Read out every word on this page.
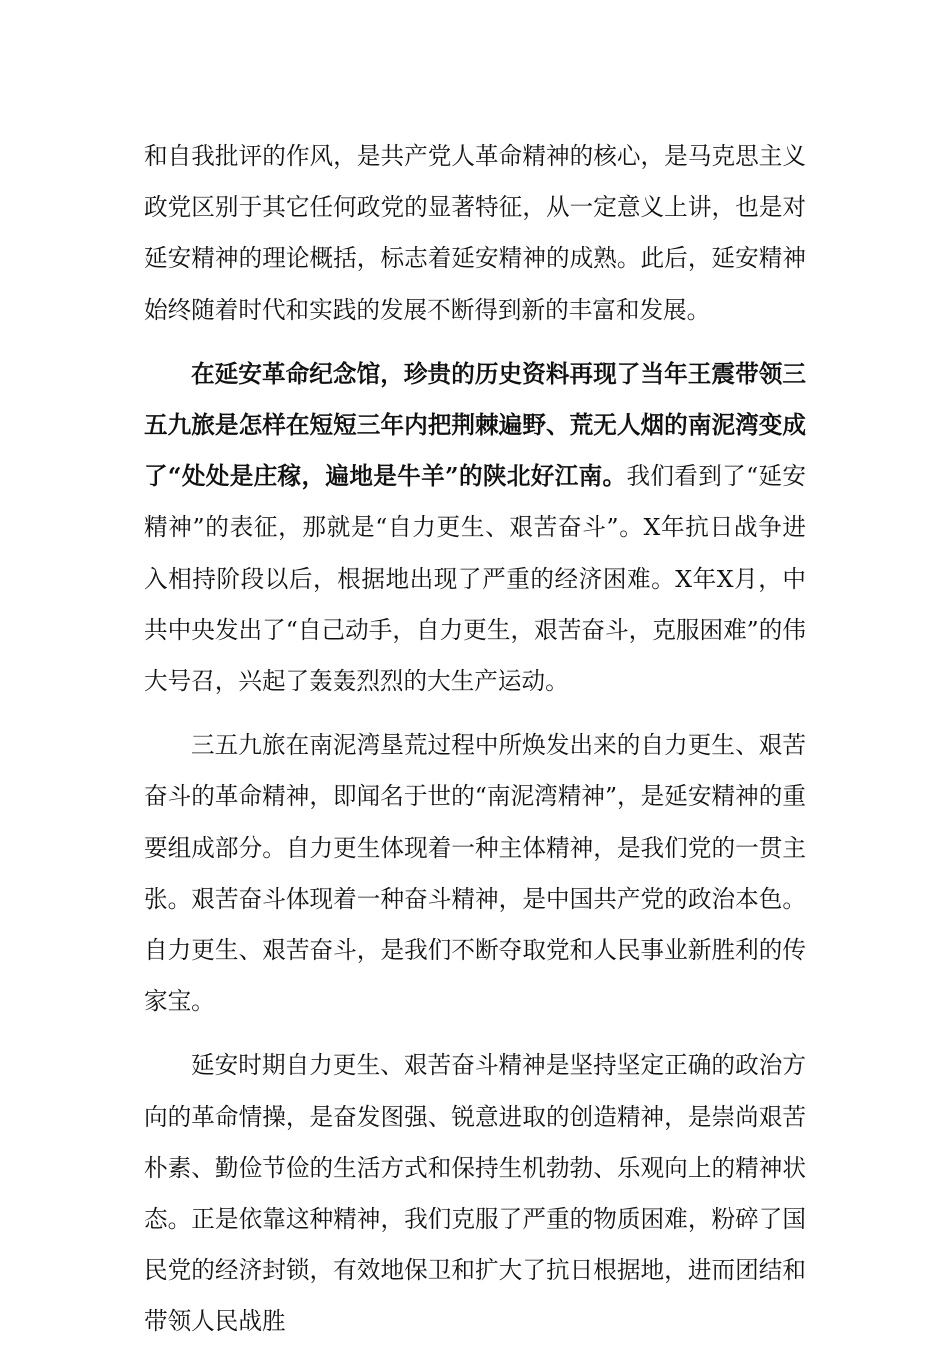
和自我批评的作风，是共产党人革命精神的核心，是马克思主义政党区别于其它任何政党的显著特征，从一定意义上讲，也是对延安精神的理论概括，标志着延安精神的成熟。此后，延安精神始终随着时代和实践的发展不断得到新的丰富和发展。

在延安革命纪念馆，珍贵的历史资料再现了当年王震带领三五九旅是怎样在短短三年内把荆棘遍野、荒无人烟的南泥湾变成了“处处是庄稼，遍地是牛羊”的陕北好江南。我们看到了“延安精神”的表征，那就是“自力更生、艰苦奋斗”。X年抗日战争进入相持阶段以后，根据地出现了严重的经济困难。X年X月，中共中央发出了“自己动手，自力更生，艰苦奋斗，克服困难”的伟大号召，兴起了轰轰烈烈的大生产运动。

三五九旅在南泥湾垦荒过程中所焕发出来的自力更生、艰苦奋斗的革命精神，即闻名于世的“南泥湾精神”，是延安精神的重要组成部分。自力更生体现着一种主体精神，是我们党的一贯主张。艰苦奋斗体现着一种奋斗精神，是中国共产党的政治本色。自力更生、艰苦奋斗，是我们不断夺取党和人民事业新胜利的传家宝。

延安时期自力更生、艰苦奋斗精神是坚持坚定正确的政治方向的革命情操，是奋发图强、锐意进取的创造精神，是崇尚艰苦朴素、勤俭节俭的生活方式和保持生机勃勃、乐观向上的精神状态。正是依靠这种精神，我们克服了严重的物质困难，粉碎了国民党的经济封锁，有效地保卫和扩大了抗日根据地，进而团结和带领人民战胜
